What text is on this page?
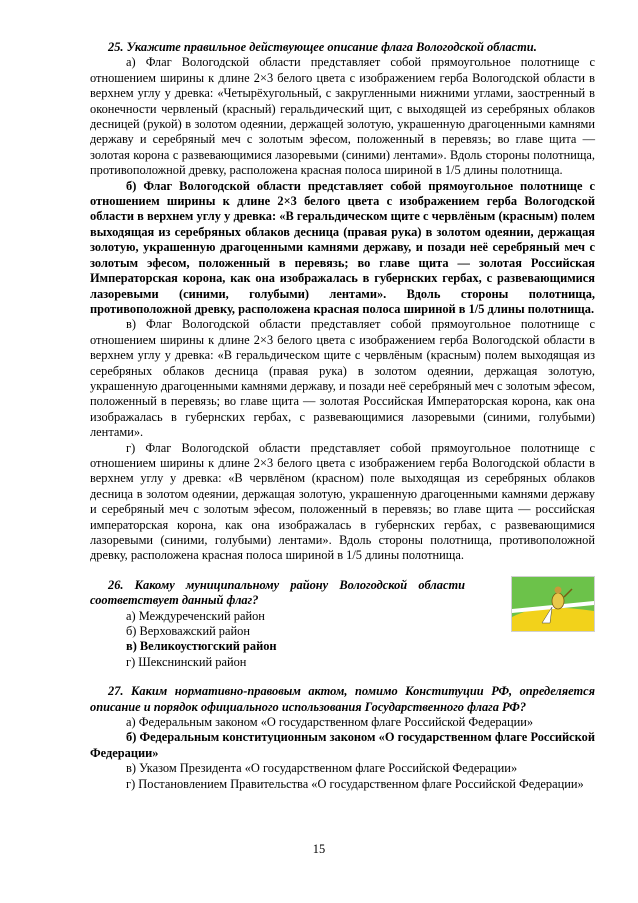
25. Укажите правильное действующее описание флага Вологодской области.

а) Флаг Вологодской области представляет собой прямоугольное полотнище с отношением ширины к длине 2×3 белого цвета с изображением герба Вологодской области в верхнем углу у древка: «Четырёхугольный, с закругленными нижними углами, заостренный в оконечности червленый (красный) геральдический щит, с выходящей из серебряных облаков десницей (рукой) в золотом одеянии, держащей золотую, украшенную драгоценными камнями державу и серебряный меч с золотым эфесом, положенный в перевязь; во главе щита — золотая корона с развевающимися лазоревыми (синими) лентами». Вдоль стороны полотнища, противоположной древку, расположена красная полоса шириной в 1/5 длины полотнища.

б) Флаг Вологодской области представляет собой прямоугольное полотнище с отношением ширины к длине 2×3 белого цвета с изображением герба Вологодской области в верхнем углу у древка: «В геральдическом щите с червлёным (красным) полем выходящая из серебряных облаков десница (правая рука) в золотом одеянии, держащая золотую, украшенную драгоценными камнями державу, и позади неё серебряный меч с золотым эфесом, положенный в перевязь; во главе щита — золотая Российская Императорская корона, как она изображалась в губернских гербах, с развевающимися лазоревыми (синими, голубыми) лентами». Вдоль стороны полотнища, противоположной древку, расположена красная полоса шириной в 1/5 длины полотнища.

в) Флаг Вологодской области представляет собой прямоугольное полотнище с отношением ширины к длине 2×3 белого цвета с изображением герба Вологодской области в верхнем углу у древка: «В геральдическом щите с червлёным (красным) полем выходящая из серебряных облаков десница (правая рука) в золотом одеянии, держащая золотую, украшенную драгоценными камнями державу, и позади неё серебряный меч с золотым эфесом, положенный в перевязь; во главе щита — золотая Российская Императорская корона, как она изображалась в губернских гербах, с развевающимися лазоревыми (синими, голубыми) лентами».

г) Флаг Вологодской области представляет собой прямоугольное полотнище с отношением ширины к длине 2×3 белого цвета с изображением герба Вологодской области в верхнем углу у древка: «В червлёном (красном) поле выходящая из серебряных облаков десница в золотом одеянии, держащая золотую, украшенную драгоценными камнями державу и серебряный меч с золотым эфесом, положенный в перевязь; во главе щита — российская императорская корона, как она изображалась в губернских гербах, с развевающимися лазоревыми (синими, голубыми) лентами». Вдоль стороны полотнища, противоположной древку, расположена красная полоса шириной в 1/5 длины полотнища.

26. Какому муниципальному району Вологодской области соответствует данный флаг?

а) Междуреченский район

б) Верховажский район

в) Великоустюгский район

г) Шекснинский район

27. Каким нормативно-правовым актом, помимо Конституции РФ, определяется описание и порядок официального использования Государственного флага РФ?

а) Федеральным законом «О государственном флаге Российской Федерации»

б) Федеральным конституционным законом «О государственном флаге Российской Федерации»

в) Указом Президента «О государственном флаге Российской Федерации»

г) Постановлением Правительства «О государственном флаге Российской Федерации»

15
